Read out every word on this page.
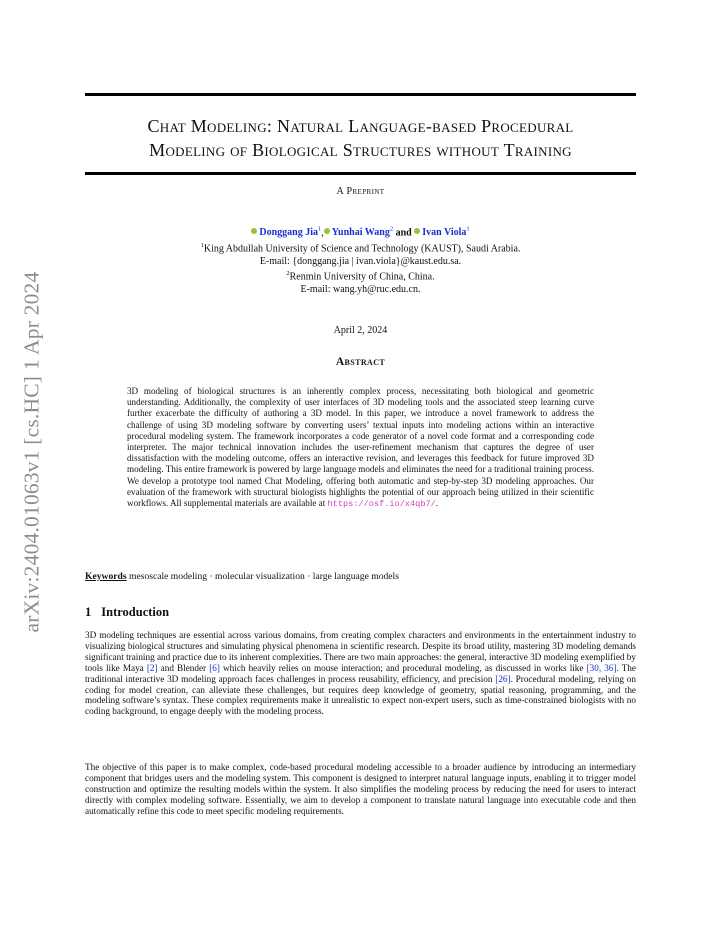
arXiv:2404.01063v1 [cs.HC] 1 Apr 2024
Chat Modeling: Natural Language-based Procedural
Modeling of Biological Structures without Training
A Preprint
Donggang Jia$^1$, Yunhai Wang$^2$ and Ivan Viola$^1$
$^1$King Abdullah University of Science and Technology (KAUST), Saudi Arabia.
E-mail: {donggang.jia | ivan.viola}@kaust.edu.sa.
$^2$Renmin University of China, China.
E-mail: wang.yh@ruc.edu.cn.
April 2, 2024
Abstract
3D modeling of biological structures is an inherently complex process, necessitating both biological and geometric understanding. Additionally, the complexity of user interfaces of 3D modeling tools and the associated steep learning curve further exacerbate the difficulty of authoring a 3D model. In this paper, we introduce a novel framework to address the challenge of using 3D modeling software by converting users’ textual inputs into modeling actions within an interactive procedural modeling system. The framework incorporates a code generator of a novel code format and a corresponding code interpreter. The major technical innovation includes the user-refinement mechanism that captures the degree of user dissatisfaction with the modeling outcome, offers an interactive revision, and leverages this feedback for future improved 3D modeling. This entire framework is powered by large language models and eliminates the need for a traditional training process. We develop a prototype tool named Chat Modeling, offering both automatic and step-by-step 3D modeling approaches. Our evaluation of the framework with structural biologists highlights the potential of our approach being utilized in their scientific workflows. All supplemental materials are available at https://osf.io/x4qb7/.
Keywords mesoscale modeling · molecular visualization · large language models
1 Introduction
3D modeling techniques are essential across various domains, from creating complex characters and environments in the entertainment industry to visualizing biological structures and simulating physical phenomena in scientific research. Despite its broad utility, mastering 3D modeling demands significant training and practice due to its inherent complexities. There are two main approaches: the general, interactive 3D modeling exemplified by tools like Maya [2] and Blender [6] which heavily relies on mouse interaction; and procedural modeling, as discussed in works like [30, 36]. The traditional interactive 3D modeling approach faces challenges in process reusability, efficiency, and precision [26]. Procedural modeling, relying on coding for model creation, can alleviate these challenges, but requires deep knowledge of geometry, spatial reasoning, programming, and the modeling software’s syntax. These complex requirements make it unrealistic to expect non-expert users, such as time-constrained biologists with no coding background, to engage deeply with the modeling process.
The objective of this paper is to make complex, code-based procedural modeling accessible to a broader audience by introducing an intermediary component that bridges users and the modeling system. This component is designed to interpret natural language inputs, enabling it to trigger model construction and optimize the resulting models within the system. It also simplifies the modeling process by reducing the need for users to interact directly with complex modeling software. Essentially, we aim to develop a component to translate natural language into executable code and then automatically refine this code to meet specific modeling requirements.
